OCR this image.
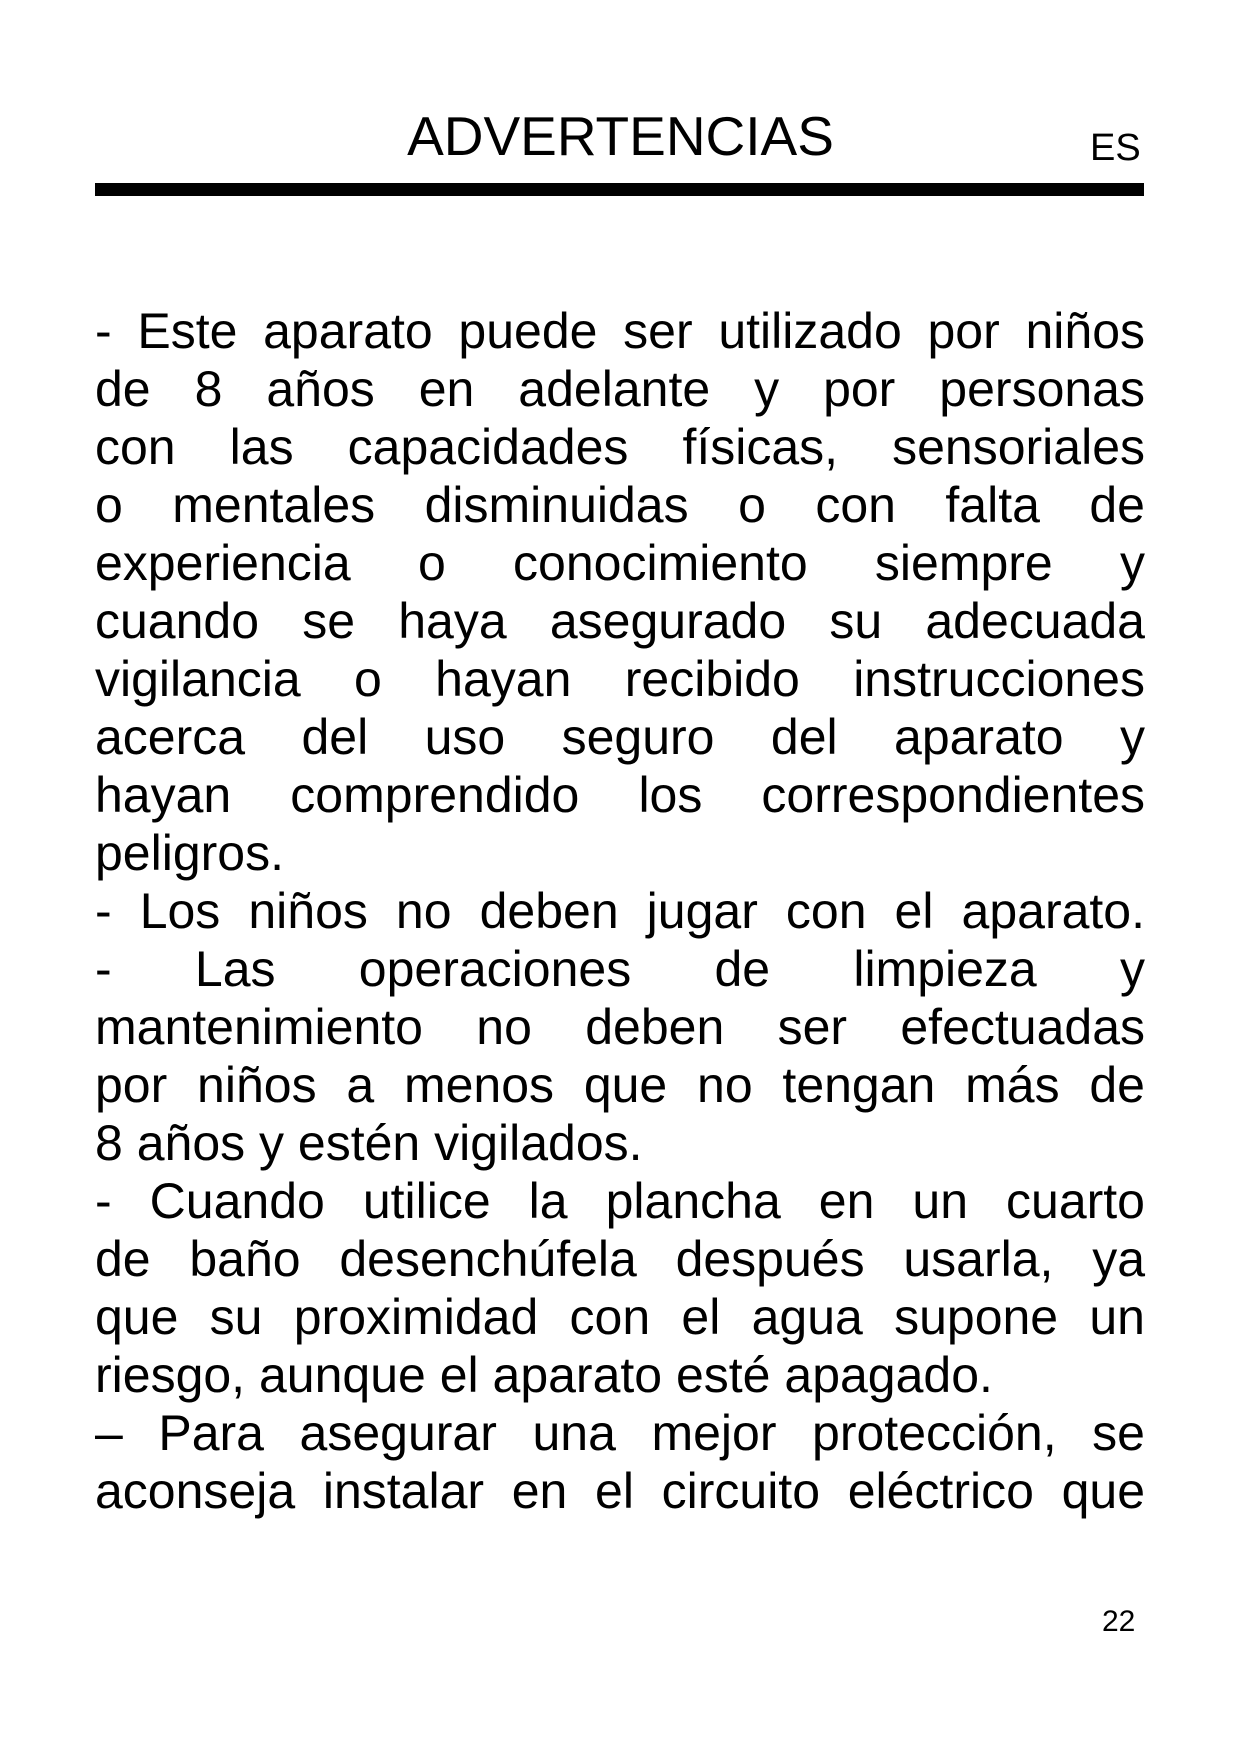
ADVERTENCIAS	ES
- Este aparato puede ser utilizado por niños
de 8 años en adelante y por personas
con las capacidades físicas, sensoriales
o mentales disminuidas o con falta de
experiencia o conocimiento siempre y
cuando se haya asegurado su adecuada
vigilancia o hayan recibido instrucciones
acerca del uso seguro del aparato y
hayan comprendido los correspondientes
peligros.
- Los niños no deben jugar con el aparato.
- Las operaciones de limpieza y
mantenimiento no deben ser efectuadas
por niños a menos que no tengan más de
8 años y estén vigilados.
- Cuando utilice la plancha en un cuarto
de baño desenchúfela después usarla, ya
que su proximidad con el agua supone un
riesgo, aunque el aparato esté apagado.
– Para asegurar una mejor protección, se
aconseja instalar en el circuito eléctrico que
22
